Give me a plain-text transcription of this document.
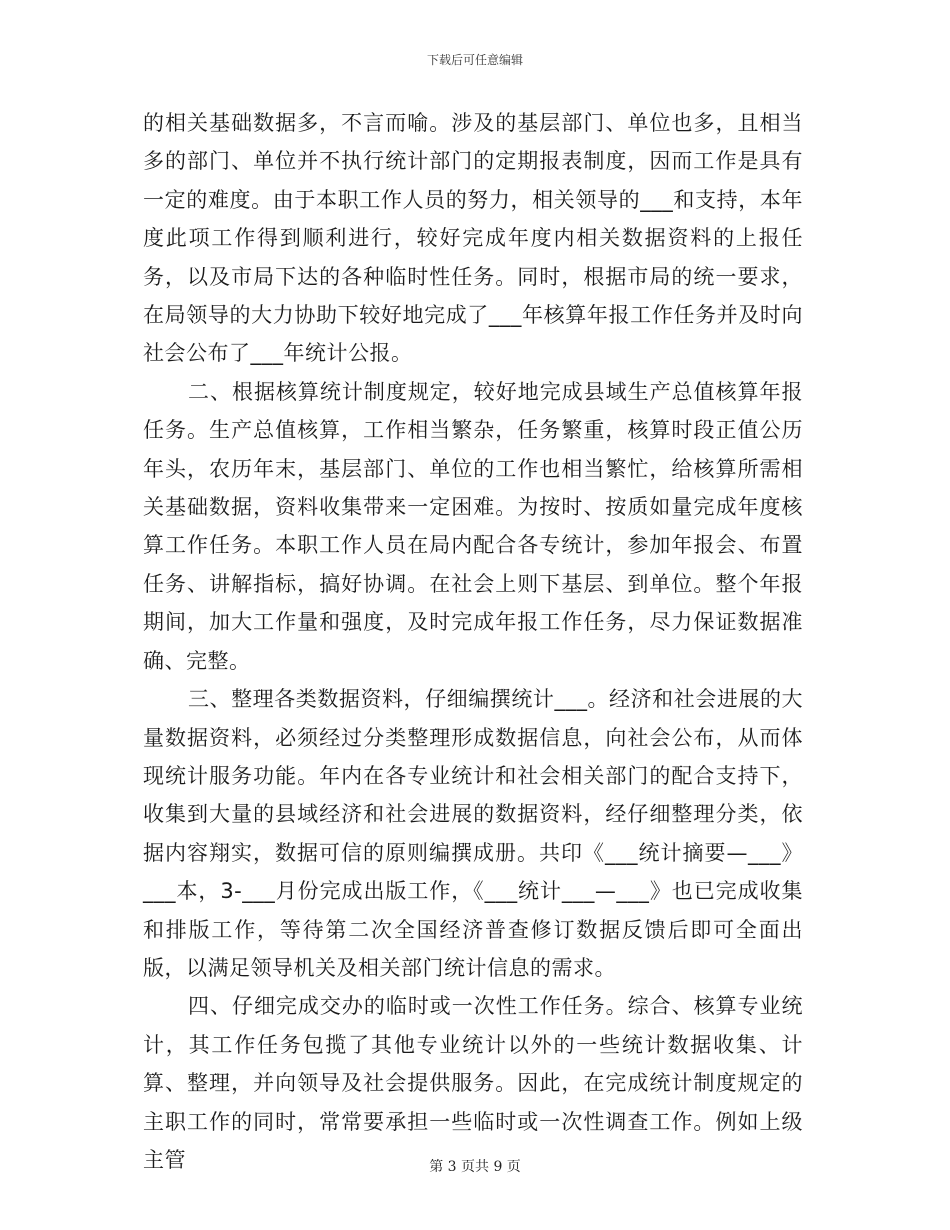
下载后可任意编辑

的相关基础数据多，不言而喻。涉及的基层部门、单位也多，且相当多的部门、单位并不执行统计部门的定期报表制度，因而工作是具有一定的难度。由于本职工作人员的努力，相关领导的___和支持，本年度此项工作得到顺利进行，较好完成年度内相关数据资料的上报任务，以及市局下达的各种临时性任务。同时，根据市局的统一要求，在局领导的大力协助下较好地完成了___年核算年报工作任务并及时向社会公布了___年统计公报。

二、根据核算统计制度规定，较好地完成县域生产总值核算年报任务。生产总值核算，工作相当繁杂，任务繁重，核算时段正值公历年头，农历年末，基层部门、单位的工作也相当繁忙，给核算所需相关基础数据，资料收集带来一定困难。为按时、按质如量完成年度核算工作任务。本职工作人员在局内配合各专统计，参加年报会、布置任务、讲解指标，搞好协调。在社会上则下基层、到单位。整个年报期间，加大工作量和强度，及时完成年报工作任务，尽力保证数据准确、完整。

三、整理各类数据资料，仔细编撰统计___。经济和社会进展的大量数据资料，必须经过分类整理形成数据信息，向社会公布，从而体现统计服务功能。年内在各专业统计和社会相关部门的配合支持下，收集到大量的县域经济和社会进展的数据资料，经仔细整理分类，依据内容翔实，数据可信的原则编撰成册。共印《___统计摘要—___》___本，3-___月份完成出版工作，《___统计___—___》也已完成收集和排版工作，等待第二次全国经济普查修订数据反馈后即可全面出版，以满足领导机关及相关部门统计信息的需求。

四、仔细完成交办的临时或一次性工作任务。综合、核算专业统计，其工作任务包揽了其他专业统计以外的一些统计数据收集、计算、整理，并向领导及社会提供服务。因此，在完成统计制度规定的主职工作的同时，常常要承担一些临时或一次性调查工作。例如上级主管	第 3 页共 9 页
